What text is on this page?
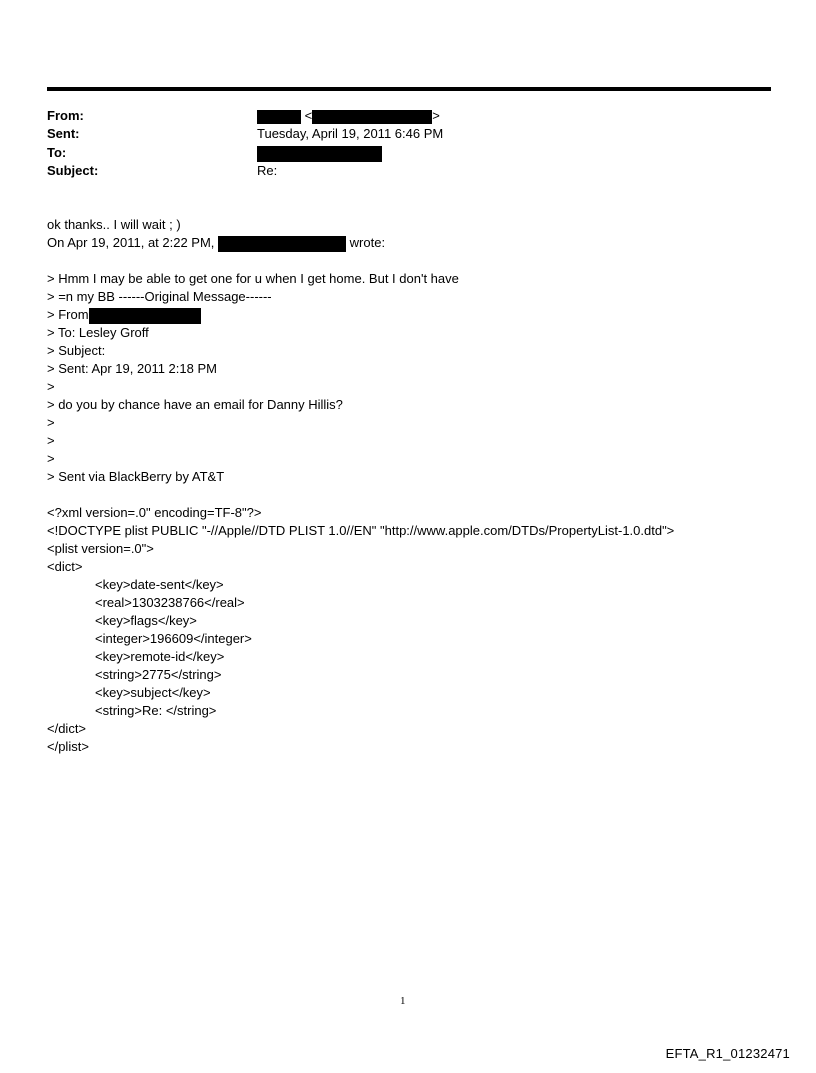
From:
Sent:
To:
Subject:
<	>
Tuesday, April 19, 2011 6:46 PM
Re:
ok thanks.. I will wait ; )
On Apr 19, 2011, at 2:22 PM,	wrote:
> Hmm I may be able to get one for u when I get home. But I don't have
> =n my BB ------Original Message------
> From
> To: Lesley Groff
> Subject:
> Sent: Apr 19, 2011 2:18 PM
>
> do you by chance have an email for Danny Hillis?
>
>
>
> Sent via BlackBerry by AT&T
<?xml version=.0" encoding=TF-8"?>
<!DOCTYPE plist PUBLIC "-//Apple//DTD PLIST 1.0//EN" "http://www.apple.com/DTDs/PropertyList-1.0.dtd">
<plist version=.0">
<dict>
<key>date-sent</key>
<real>1303238766</real>
<key>flags</key>
<integer>196609</integer>
<key>remote-id</key>
<string>2775</string>
<key>subject</key>
<string>Re: </string>
</dict>
</plist>
1
EFTA_R1_01232471
